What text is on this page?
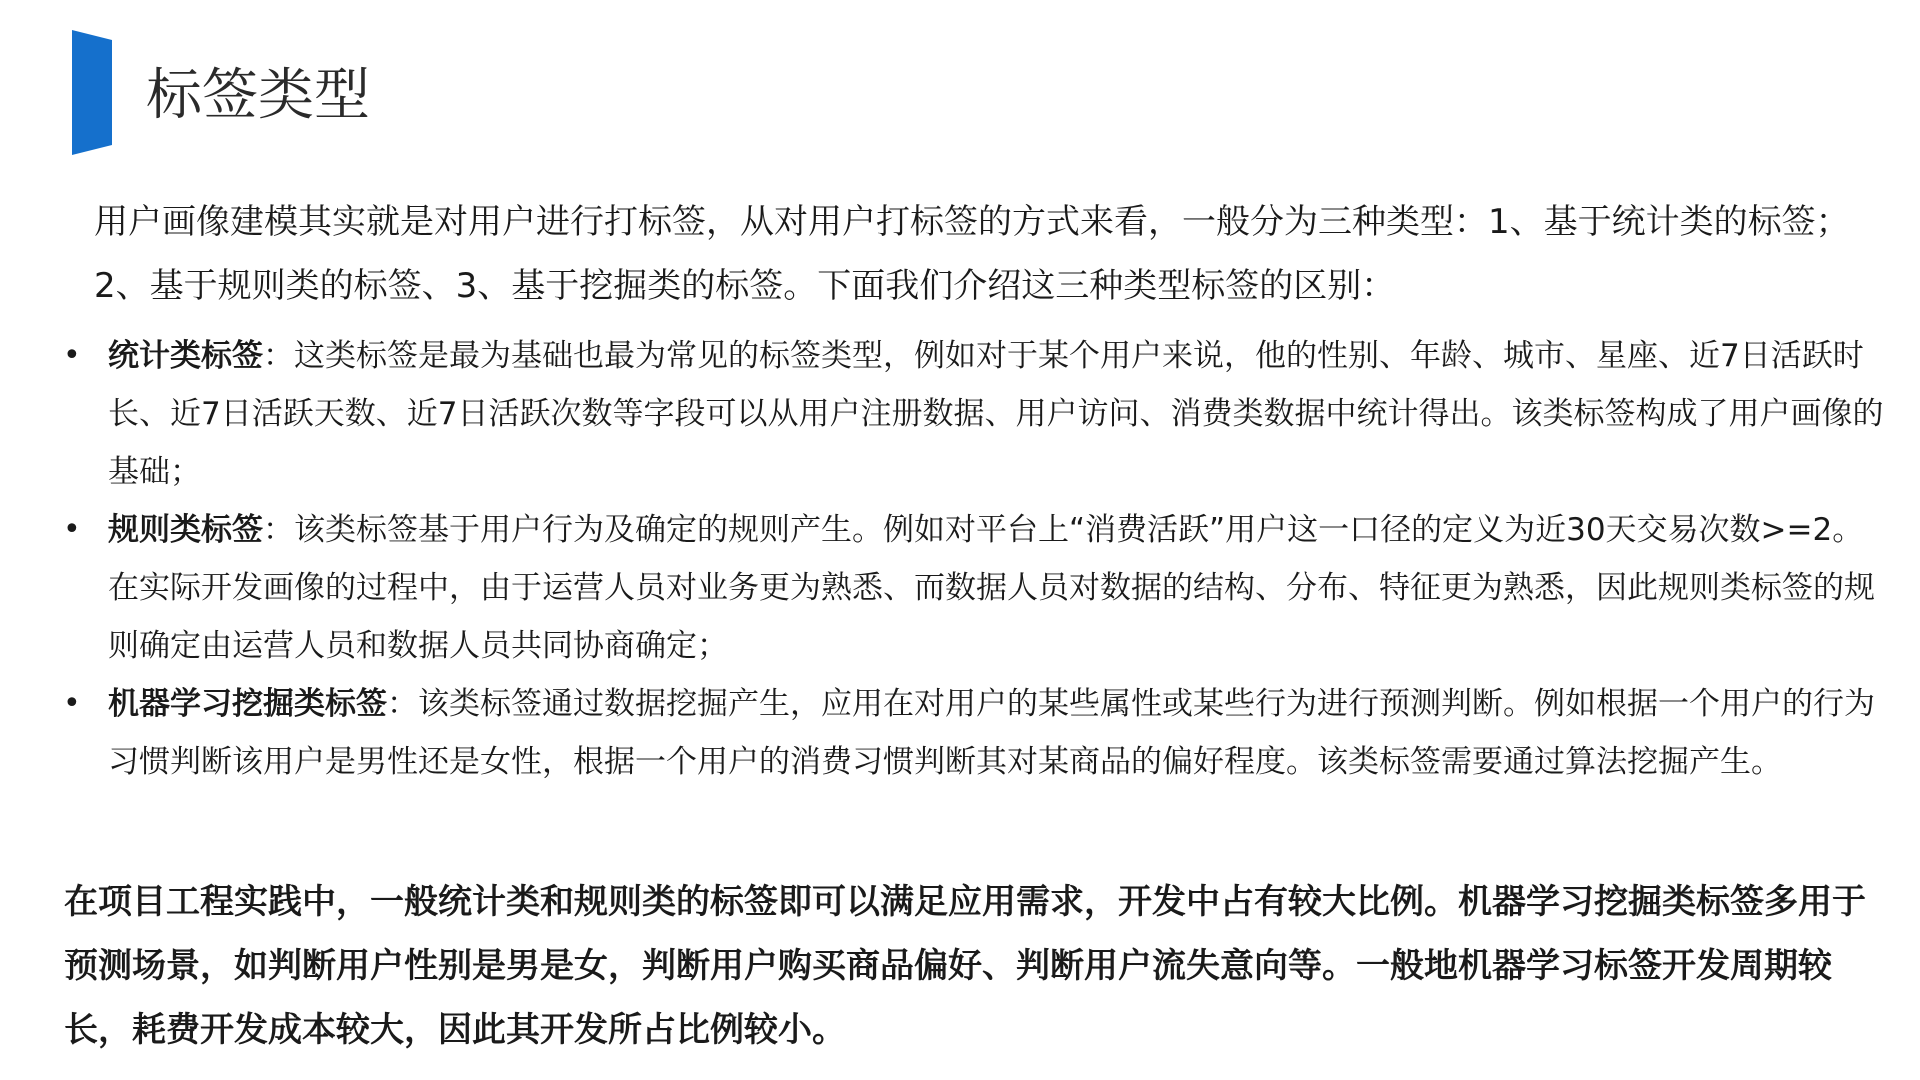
标签类型

用户画像建模其实就是对用户进行打标签，从对用户打标签的方式来看，一般分为三种类型：1、基于统计类的标签；2、基于规则类的标签、3、基于挖掘类的标签。下面我们介绍这三种类型标签的区别：

• 统计类标签：这类标签是最为基础也最为常见的标签类型，例如对于某个用户来说，他的性别、年龄、城市、星座、近7日活跃时长、近7日活跃天数、近7日活跃次数等字段可以从用户注册数据、用户访问、消费类数据中统计得出。该类标签构成了用户画像的基础；
• 规则类标签：该类标签基于用户行为及确定的规则产生。例如对平台上“消费活跃”用户这一口径的定义为近30天交易次数>=2。在实际开发画像的过程中，由于运营人员对业务更为熟悉、而数据人员对数据的结构、分布、特征更为熟悉，因此规则类标签的规则确定由运营人员和数据人员共同协商确定；
• 机器学习挖掘类标签：该类标签通过数据挖掘产生，应用在对用户的某些属性或某些行为进行预测判断。例如根据一个用户的行为习惯判断该用户是男性还是女性，根据一个用户的消费习惯判断其对某商品的偏好程度。该类标签需要通过算法挖掘产生。

在项目工程实践中，一般统计类和规则类的标签即可以满足应用需求，开发中占有较大比例。机器学习挖掘类标签多用于预测场景，如判断用户性别是男是女，判断用户购买商品偏好、判断用户流失意向等。一般地机器学习标签开发周期较长，耗费开发成本较大，因此其开发所占比例较小。
